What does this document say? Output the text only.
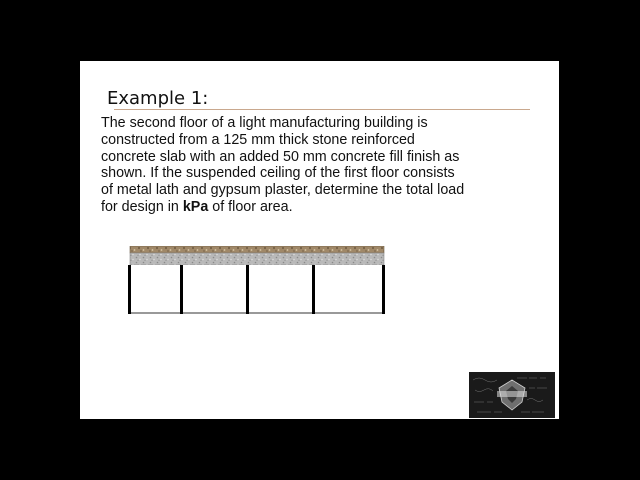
Example 1:
The second floor of a light manufacturing building is
constructed from a 125 mm thick stone reinforced
concrete slab with an added 50 mm concrete fill finish as
shown. If the suspended ceiling of the first floor consists
of metal lath and gypsum plaster, determine the total load
for design in kPa of floor area.
